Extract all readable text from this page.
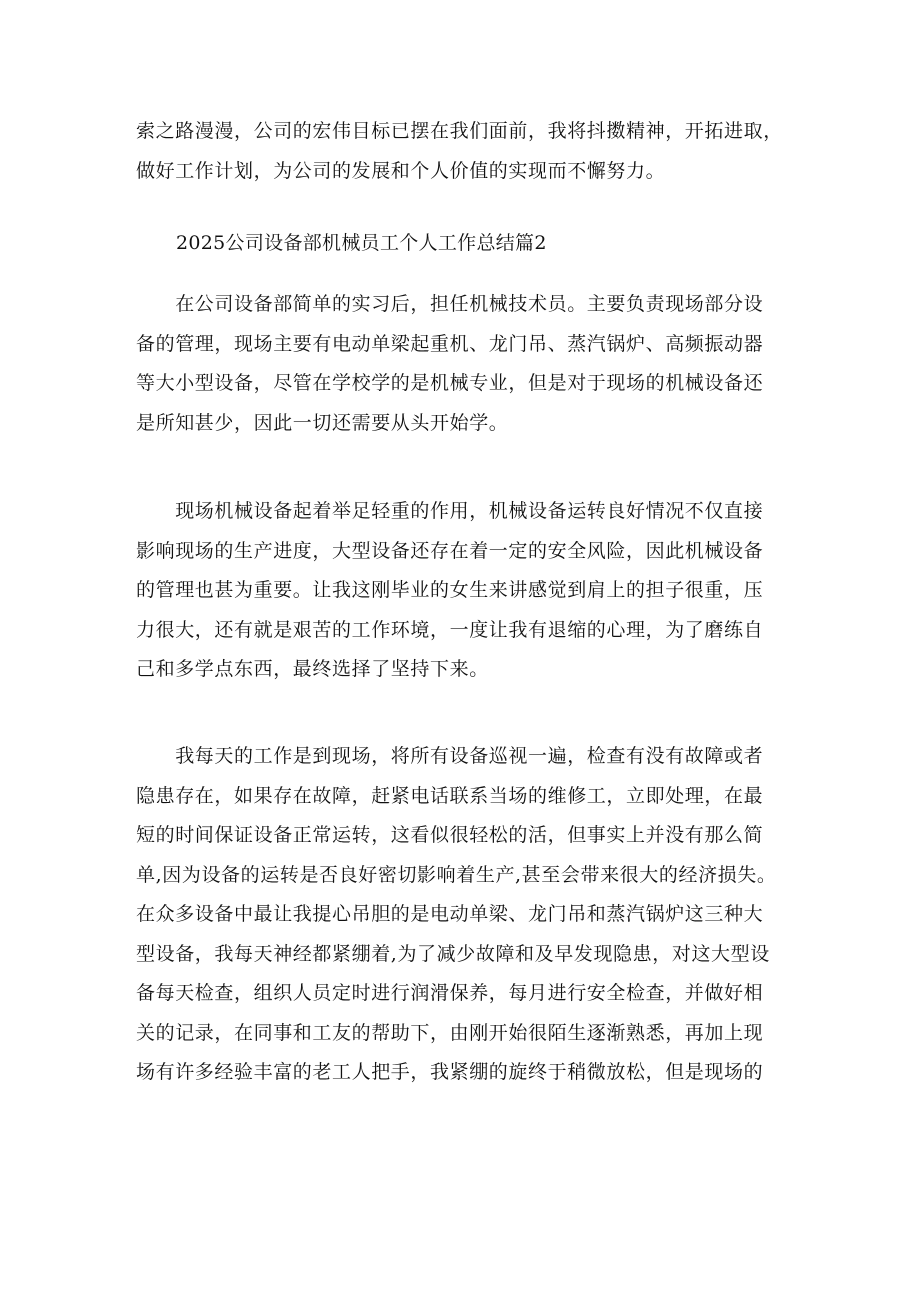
索之路漫漫，公司的宏伟目标已摆在我们面前，我将抖擞精神，开拓进取，
做好工作计划，为公司的发展和个人价值的实现而不懈努力。
2025公司设备部机械员工个人工作总结篇2
　　在公司设备部简单的实习后，担任机械技术员。主要负责现场部分设
备的管理，现场主要有电动单梁起重机、龙门吊、蒸汽锅炉、高频振动器
等大小型设备，尽管在学校学的是机械专业，但是对于现场的机械设备还
是所知甚少，因此一切还需要从头开始学。
　　现场机械设备起着举足轻重的作用，机械设备运转良好情况不仅直接
影响现场的生产进度，大型设备还存在着一定的安全风险，因此机械设备
的管理也甚为重要。让我这刚毕业的女生来讲感觉到肩上的担子很重，压
力很大，还有就是艰苦的工作环境，一度让我有退缩的心理，为了磨练自
己和多学点东西，最终选择了坚持下来。
　　我每天的工作是到现场，将所有设备巡视一遍，检查有没有故障或者
隐患存在，如果存在故障，赶紧电话联系当场的维修工，立即处理，在最
短的时间保证设备正常运转，这看似很轻松的活，但事实上并没有那么简
单,因为设备的运转是否良好密切影响着生产,甚至会带来很大的经济损失。
在众多设备中最让我提心吊胆的是电动单梁、龙门吊和蒸汽锅炉这三种大
型设备，我每天神经都紧绷着,为了减少故障和及早发现隐患，对这大型设
备每天检查，组织人员定时进行润滑保养，每月进行安全检查，并做好相
关的记录，在同事和工友的帮助下，由刚开始很陌生逐渐熟悉，再加上现
场有许多经验丰富的老工人把手，我紧绷的旋终于稍微放松，但是现场的
